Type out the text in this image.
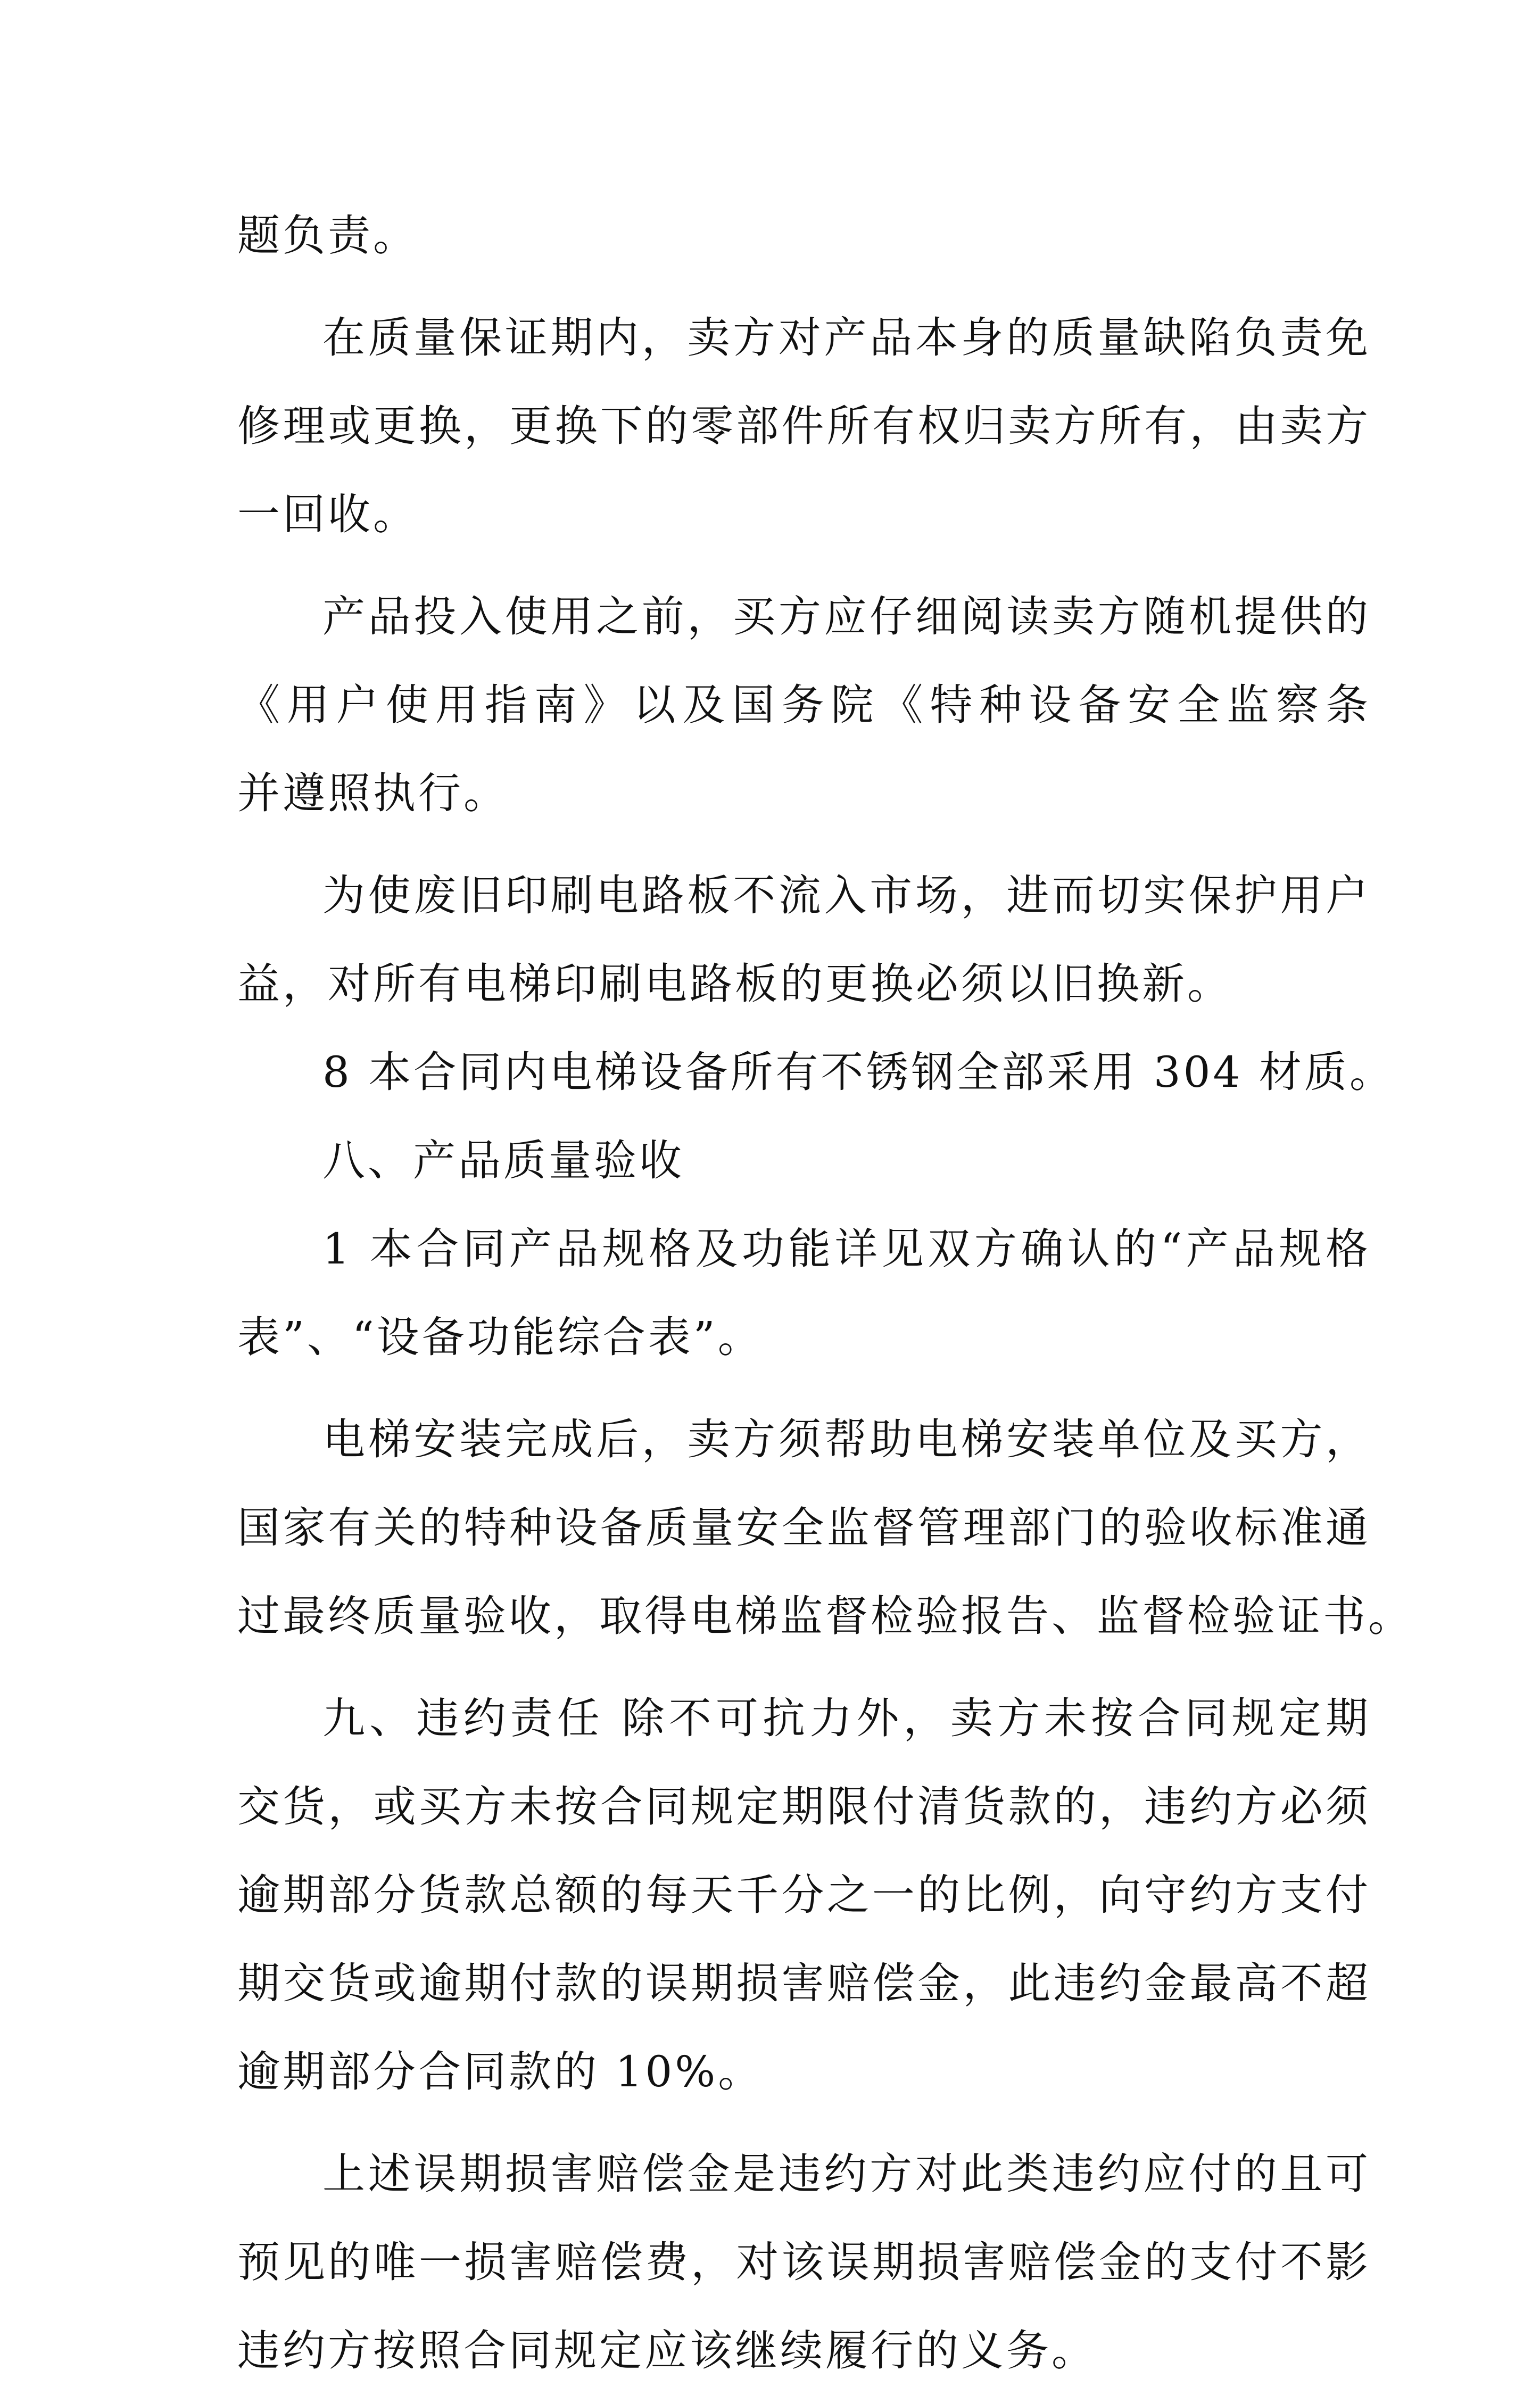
题负责。
在质量保证期内，卖方对产品本身的质量缺陷负责免
修理或更换，更换下的零部件所有权归卖方所有，由卖方
一回收。
产品投入使用之前，买方应仔细阅读卖方随机提供的
《用户使用指南》以及国务院《特种设备安全监察条
并遵照执行。
为使废旧印刷电路板不流入市场，进而切实保护用户
益，对所有电梯印刷电路板的更换必须以旧换新。
8 本合同内电梯设备所有不锈钢全部采用 304 材质。
八、产品质量验收
1 本合同产品规格及功能详见双方确认的“产品规格
表”、“设备功能综合表”。
电梯安装完成后，卖方须帮助电梯安装单位及买方，
国家有关的特种设备质量安全监督管理部门的验收标准通
过最终质量验收，取得电梯监督检验报告、监督检验证书。
九、违约责任 除不可抗力外，卖方未按合同规定期
交货，或买方未按合同规定期限付清货款的，违约方必须
逾期部分货款总额的每天千分之一的比例，向守约方支付
期交货或逾期付款的误期损害赔偿金，此违约金最高不超
逾期部分合同款的 10%。
上述误期损害赔偿金是违约方对此类违约应付的且可
预见的唯一损害赔偿费，对该误期损害赔偿金的支付不影
违约方按照合同规定应该继续履行的义务。
